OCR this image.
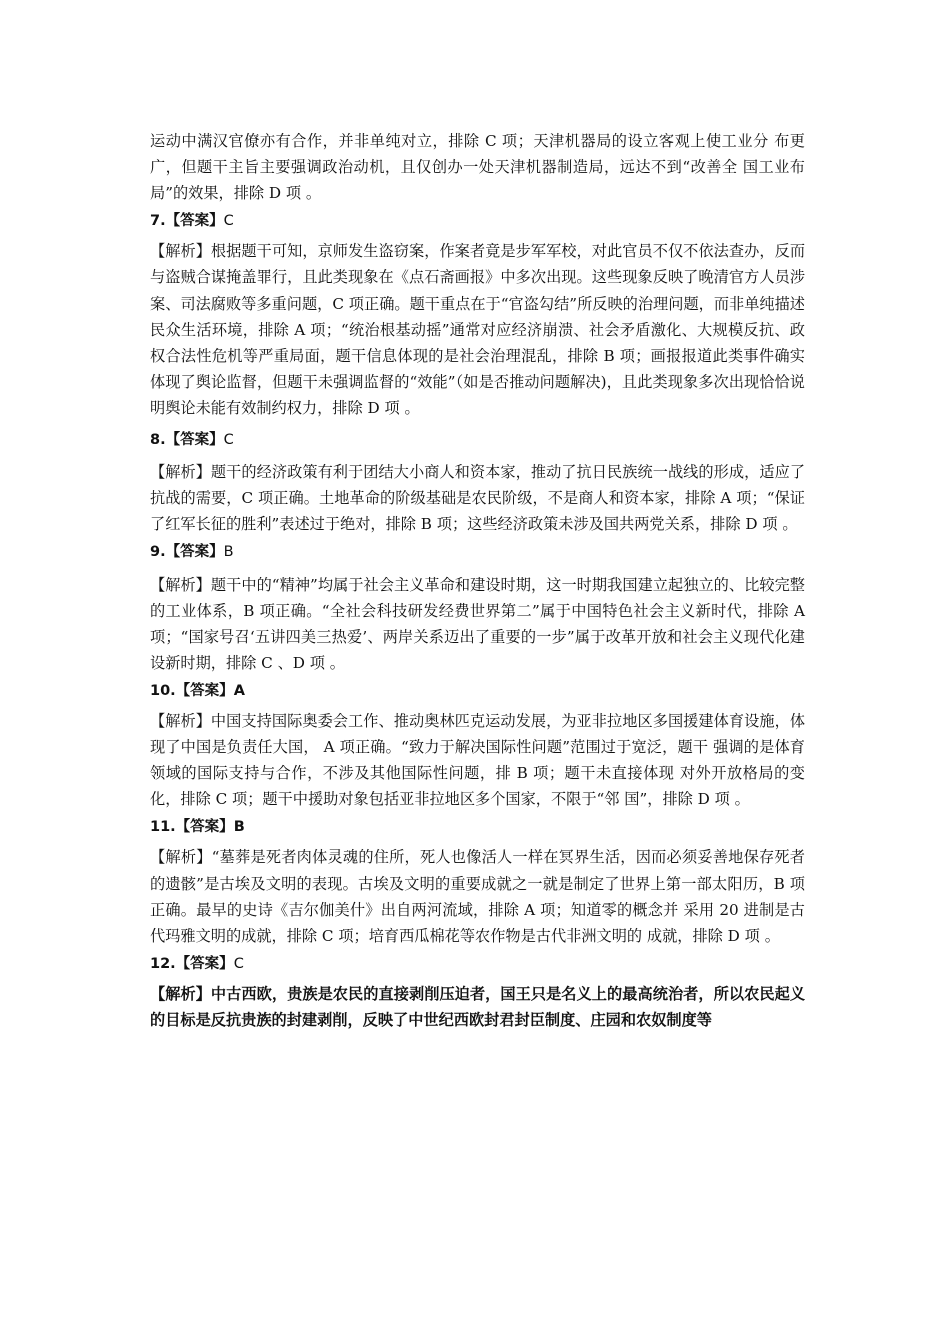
运动中满汉官僚亦有合作，并非单纯对立，排除 C 项；天津机器局的设立客观上使工业分 布更广，但题干主旨主要强调政治动机，且仅创办一处天津机器制造局，远达不到“改善全 国工业布局”的效果，排除 D 项 。

7.【答案】C

【解析】根据题干可知，京师发生盗窃案，作案者竟是步军军校，对此官员不仅不依法查办，反而与盗贼合谋掩盖罪行，且此类现象在《点石斋画报》中多次出现。这些现象反映了晚清官方人员涉案、司法腐败等多重问题，C 项正确。题干重点在于“官盗勾结”所反映的治理问题，而非单纯描述民众生活环境，排除 A 项；“统治根基动摇”通常对应经济崩溃、社会矛盾激化、大规模反抗、政权合法性危机等严重局面，题干信息体现的是社会治理混乱，排除 B 项；画报报道此类事件确实体现了舆论监督，但题干未强调监督的“效能”（如是否推动问题解决)，且此类现象多次出现恰恰说明舆论未能有效制约权力，排除 D 项 。

8.【答案】C

【解析】题干的经济政策有利于团结大小商人和资本家，推动了抗日民族统一战线的形成，适应了抗战的需要，C 项正确。土地革命的阶级基础是农民阶级，不是商人和资本家，排除 A 项；“保证了红军长征的胜利”表述过于绝对，排除 B 项；这些经济政策未涉及国共两党关系，排除 D 项 。

9.【答案】B

【解析】题干中的“精神”均属于社会主义革命和建设时期，这一时期我国建立起独立的、比较完整的工业体系，B 项正确。“全社会科技研发经费世界第二”属于中国特色社会主义新时代，排除 A 项；“国家号召‘五讲四美三热爱’、两岸关系迈出了重要的一步”属于改革开放和社会主义现代化建设新时期，排除 C 、D 项 。

10.【答案】A

【解析】中国支持国际奥委会工作、推动奥林匹克运动发展，为亚非拉地区多国援建体育设施，体现了中国是负责任大国， A 项正确。“致力于解决国际性问题”范围过于宽泛，题干 强调的是体育领域的国际支持与合作，不涉及其他国际性问题，排 B 项；题干未直接体现 对外开放格局的变化，排除 C 项；题干中援助对象包括亚非拉地区多个国家，不限于“邻 国”，排除 D 项 。

11.【答案】B

【解析】“墓葬是死者肉体灵魂的住所，死人也像活人一样在冥界生活，因而必须妥善地保存死者的遗骸”是古埃及文明的表现。古埃及文明的重要成就之一就是制定了世界上第一部太阳历，B 项正确。最早的史诗《吉尔伽美什》出自两河流域，排除 A 项；知道零的概念并 采用 20 进制是古代玛雅文明的成就，排除 C 项；培育西瓜棉花等农作物是古代非洲文明的 成就，排除 D 项 。

12.【答案】C

【解析】中古西欧，贵族是农民的直接剥削压迫者，国王只是名义上的最高统治者，所以农民起义的目标是反抗贵族的封建剥削，反映了中世纪西欧封君封臣制度、庄园和农奴制度等
